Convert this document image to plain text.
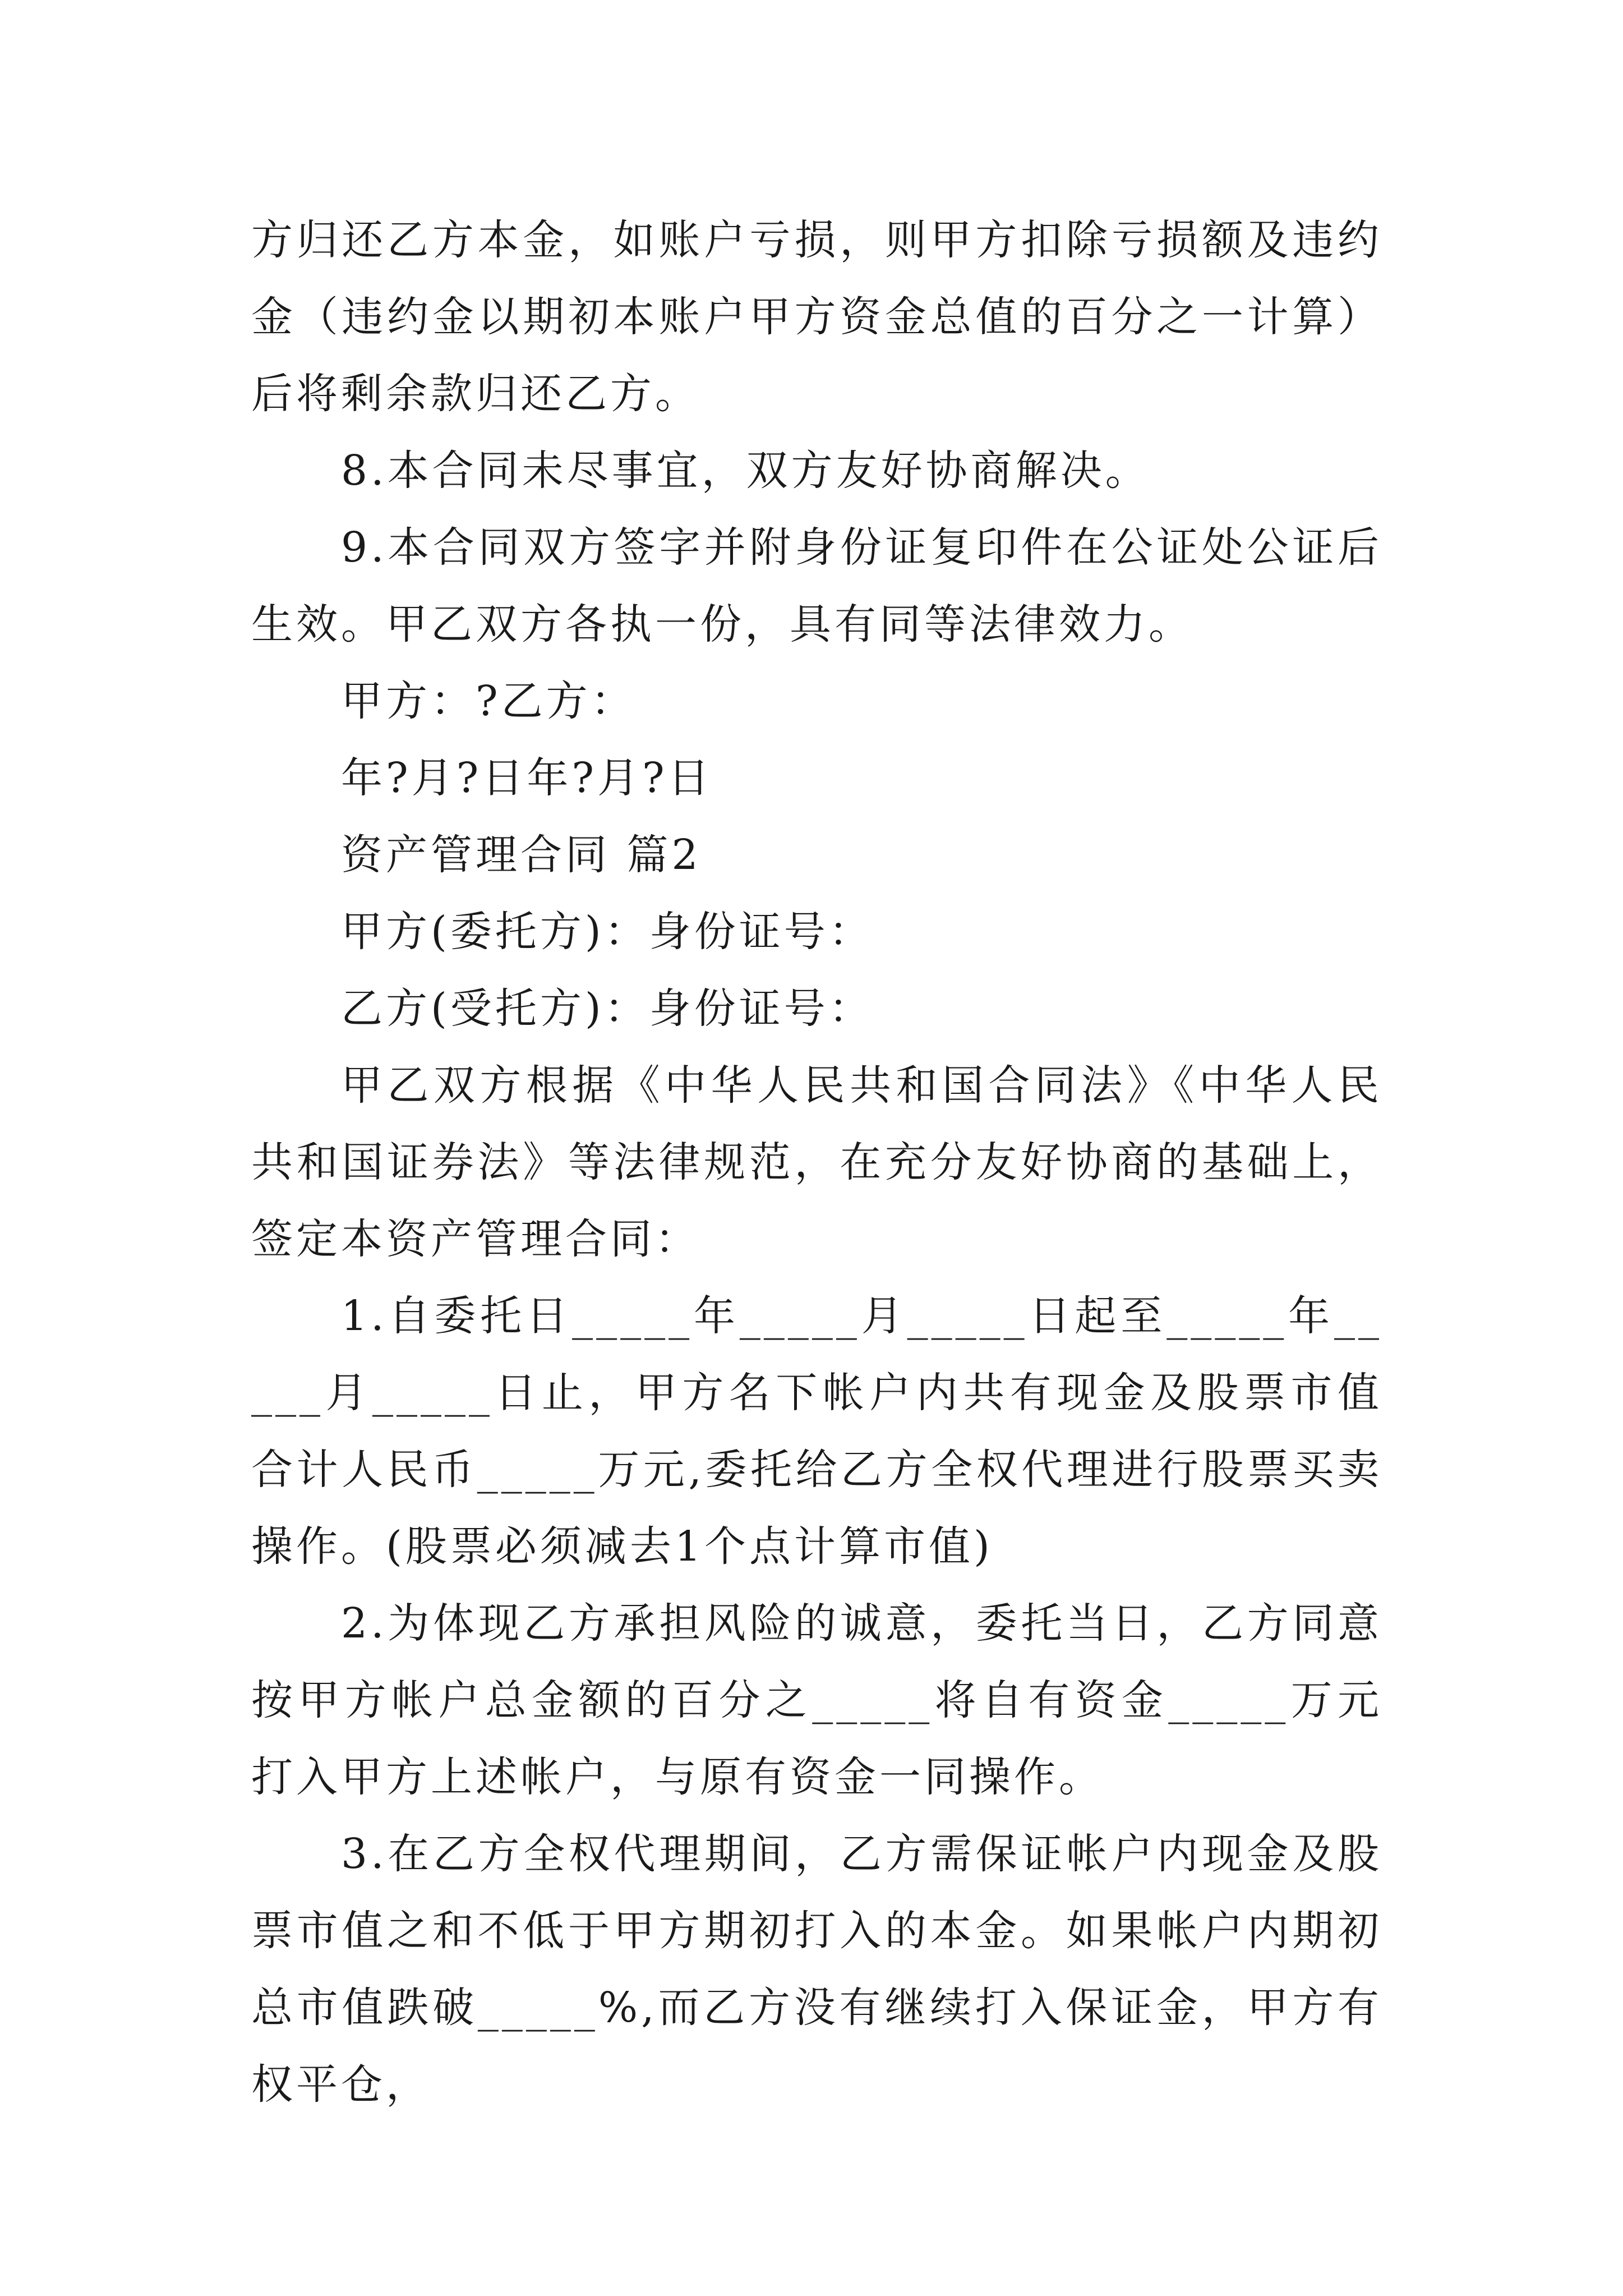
方归还乙方本金，如账户亏损，则甲方扣除亏损额及违约金（违约金以期初本账户甲方资金总值的百分之一计算）后将剩余款归还乙方。

8.本合同未尽事宜，双方友好协商解决。

9.本合同双方签字并附身份证复印件在公证处公证后生效。甲乙双方各执一份，具有同等法律效力。

甲方：?乙方：

年?月?日年?月?日

资产管理合同 篇2

甲方(委托方)：身份证号：

乙方(受托方)：身份证号：

甲乙双方根据《中华人民共和国合同法》《中华人民共和国证券法》等法律规范，在充分友好协商的基础上，签定本资产管理合同：

1.自委托日_____年_____月_____日起至_____年_____月_____日止，甲方名下帐户内共有现金及股票市值合计人民币_____万元,委托给乙方全权代理进行股票买卖操作。(股票必须减去1个点计算市值)

2.为体现乙方承担风险的诚意，委托当日，乙方同意按甲方帐户总金额的百分之_____将自有资金_____万元打入甲方上述帐户，与原有资金一同操作。

3.在乙方全权代理期间，乙方需保证帐户内现金及股票市值之和不低于甲方期初打入的本金。如果帐户内期初总市值跌破_____%,而乙方没有继续打入保证金，甲方有权平仓，
